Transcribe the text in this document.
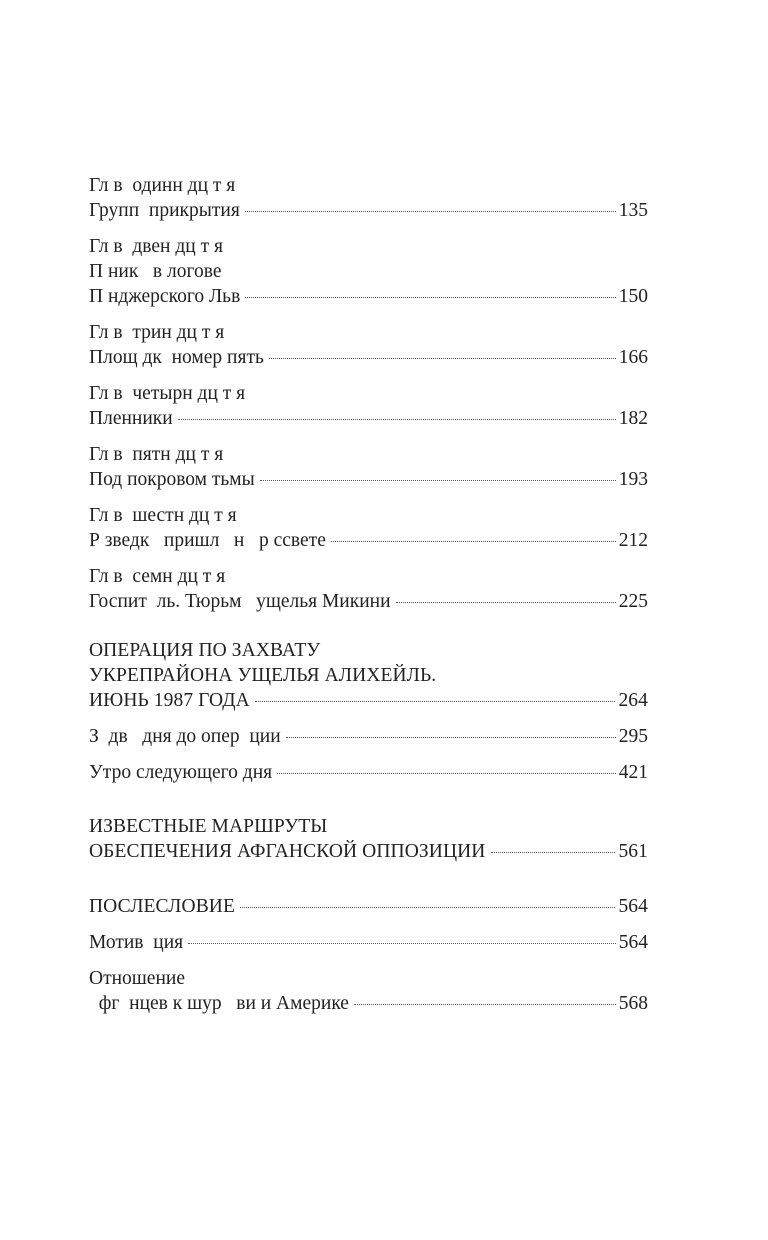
Гл в  одинн дц т я
Групп  прикрытия	135
Гл в  двен дц т я
П ник   в логове
П нджерского Льв	150
Гл в  трин дц т я
Площ дк  номер пять	166
Гл в  четырн дц т я
Пленники	182
Гл в  пятн дц т я
Под покровом тьмы	193
Гл в  шестн дц т я
Р зведк   пришл   н   р ссвете	212
Гл в  семн дц т я
Госпит  ль. Тюрьм   ущелья Микини	225
ОПЕРАЦИЯ ПО ЗАХВАТУ
УКРЕПРАЙОНА УЩЕЛЬЯ АЛИХЕЙЛЬ.
ИЮНЬ 1987 ГОДА	264
З  дв   дня до опер  ции	295
Утро следующего дня	421
ИЗВЕСТНЫЕ МАРШРУТЫ
ОБЕСПЕЧЕНИЯ АФГАНСКОЙ ОППОЗИЦИИ	561
ПОСЛЕСЛОВИЕ	564
Мотив  ция	564
Отношение
фг  нцев к шур   ви и Америке	568
